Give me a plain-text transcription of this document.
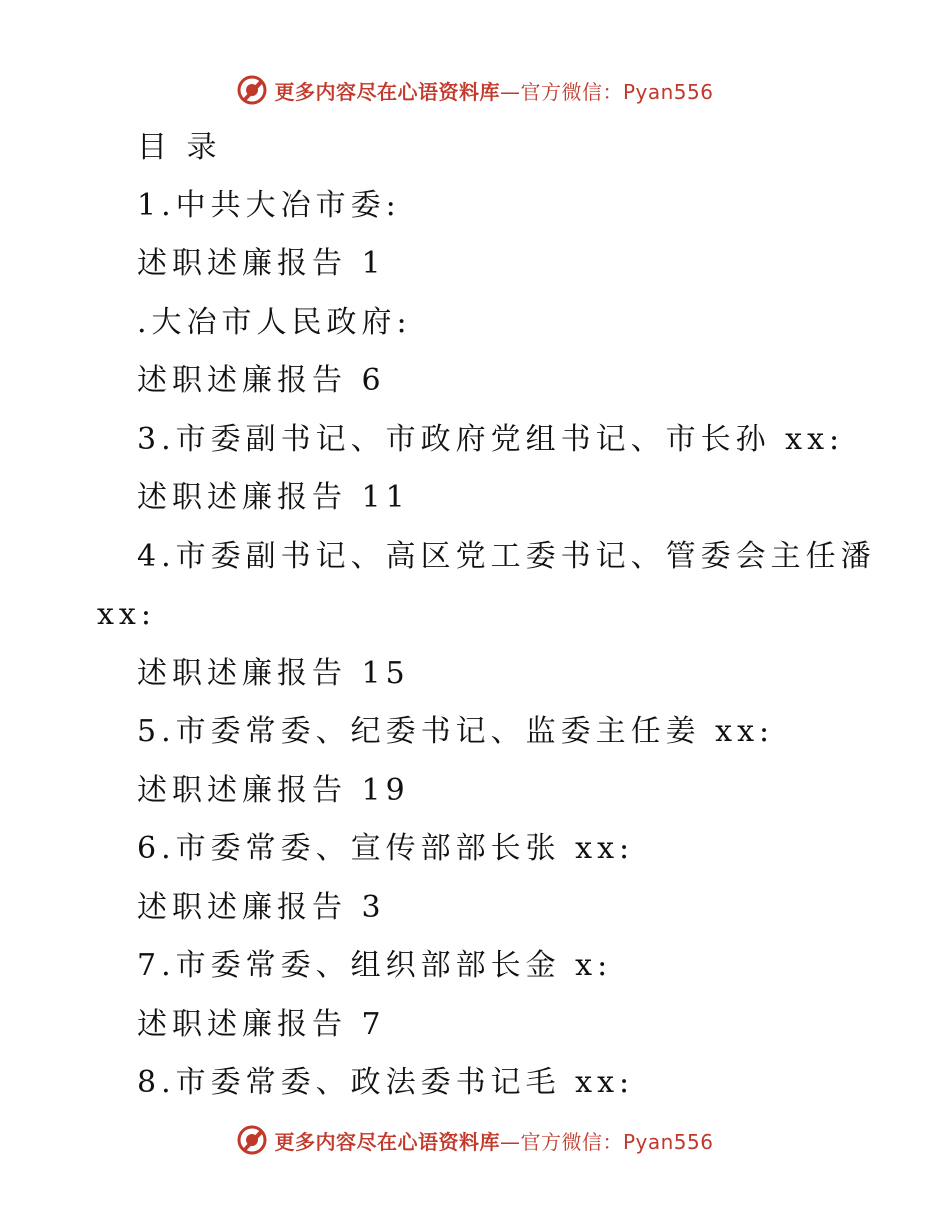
更多内容尽在心语资料库—官方微信：Pyan556
目 录
1.中共大冶市委:
述职述廉报告 1
.大冶市人民政府:
述职述廉报告 6
3.市委副书记、市政府党组书记、市长孙 xx:
述职述廉报告 11
4.市委副书记、高区党工委书记、管委会主任潘
xx:
述职述廉报告 15
5.市委常委、纪委书记、监委主任姜 xx:
述职述廉报告 19
6.市委常委、宣传部部长张 xx:
述职述廉报告 3
7.市委常委、组织部部长金 x:
述职述廉报告 7
8.市委常委、政法委书记毛 xx:
更多内容尽在心语资料库—官方微信：Pyan556
